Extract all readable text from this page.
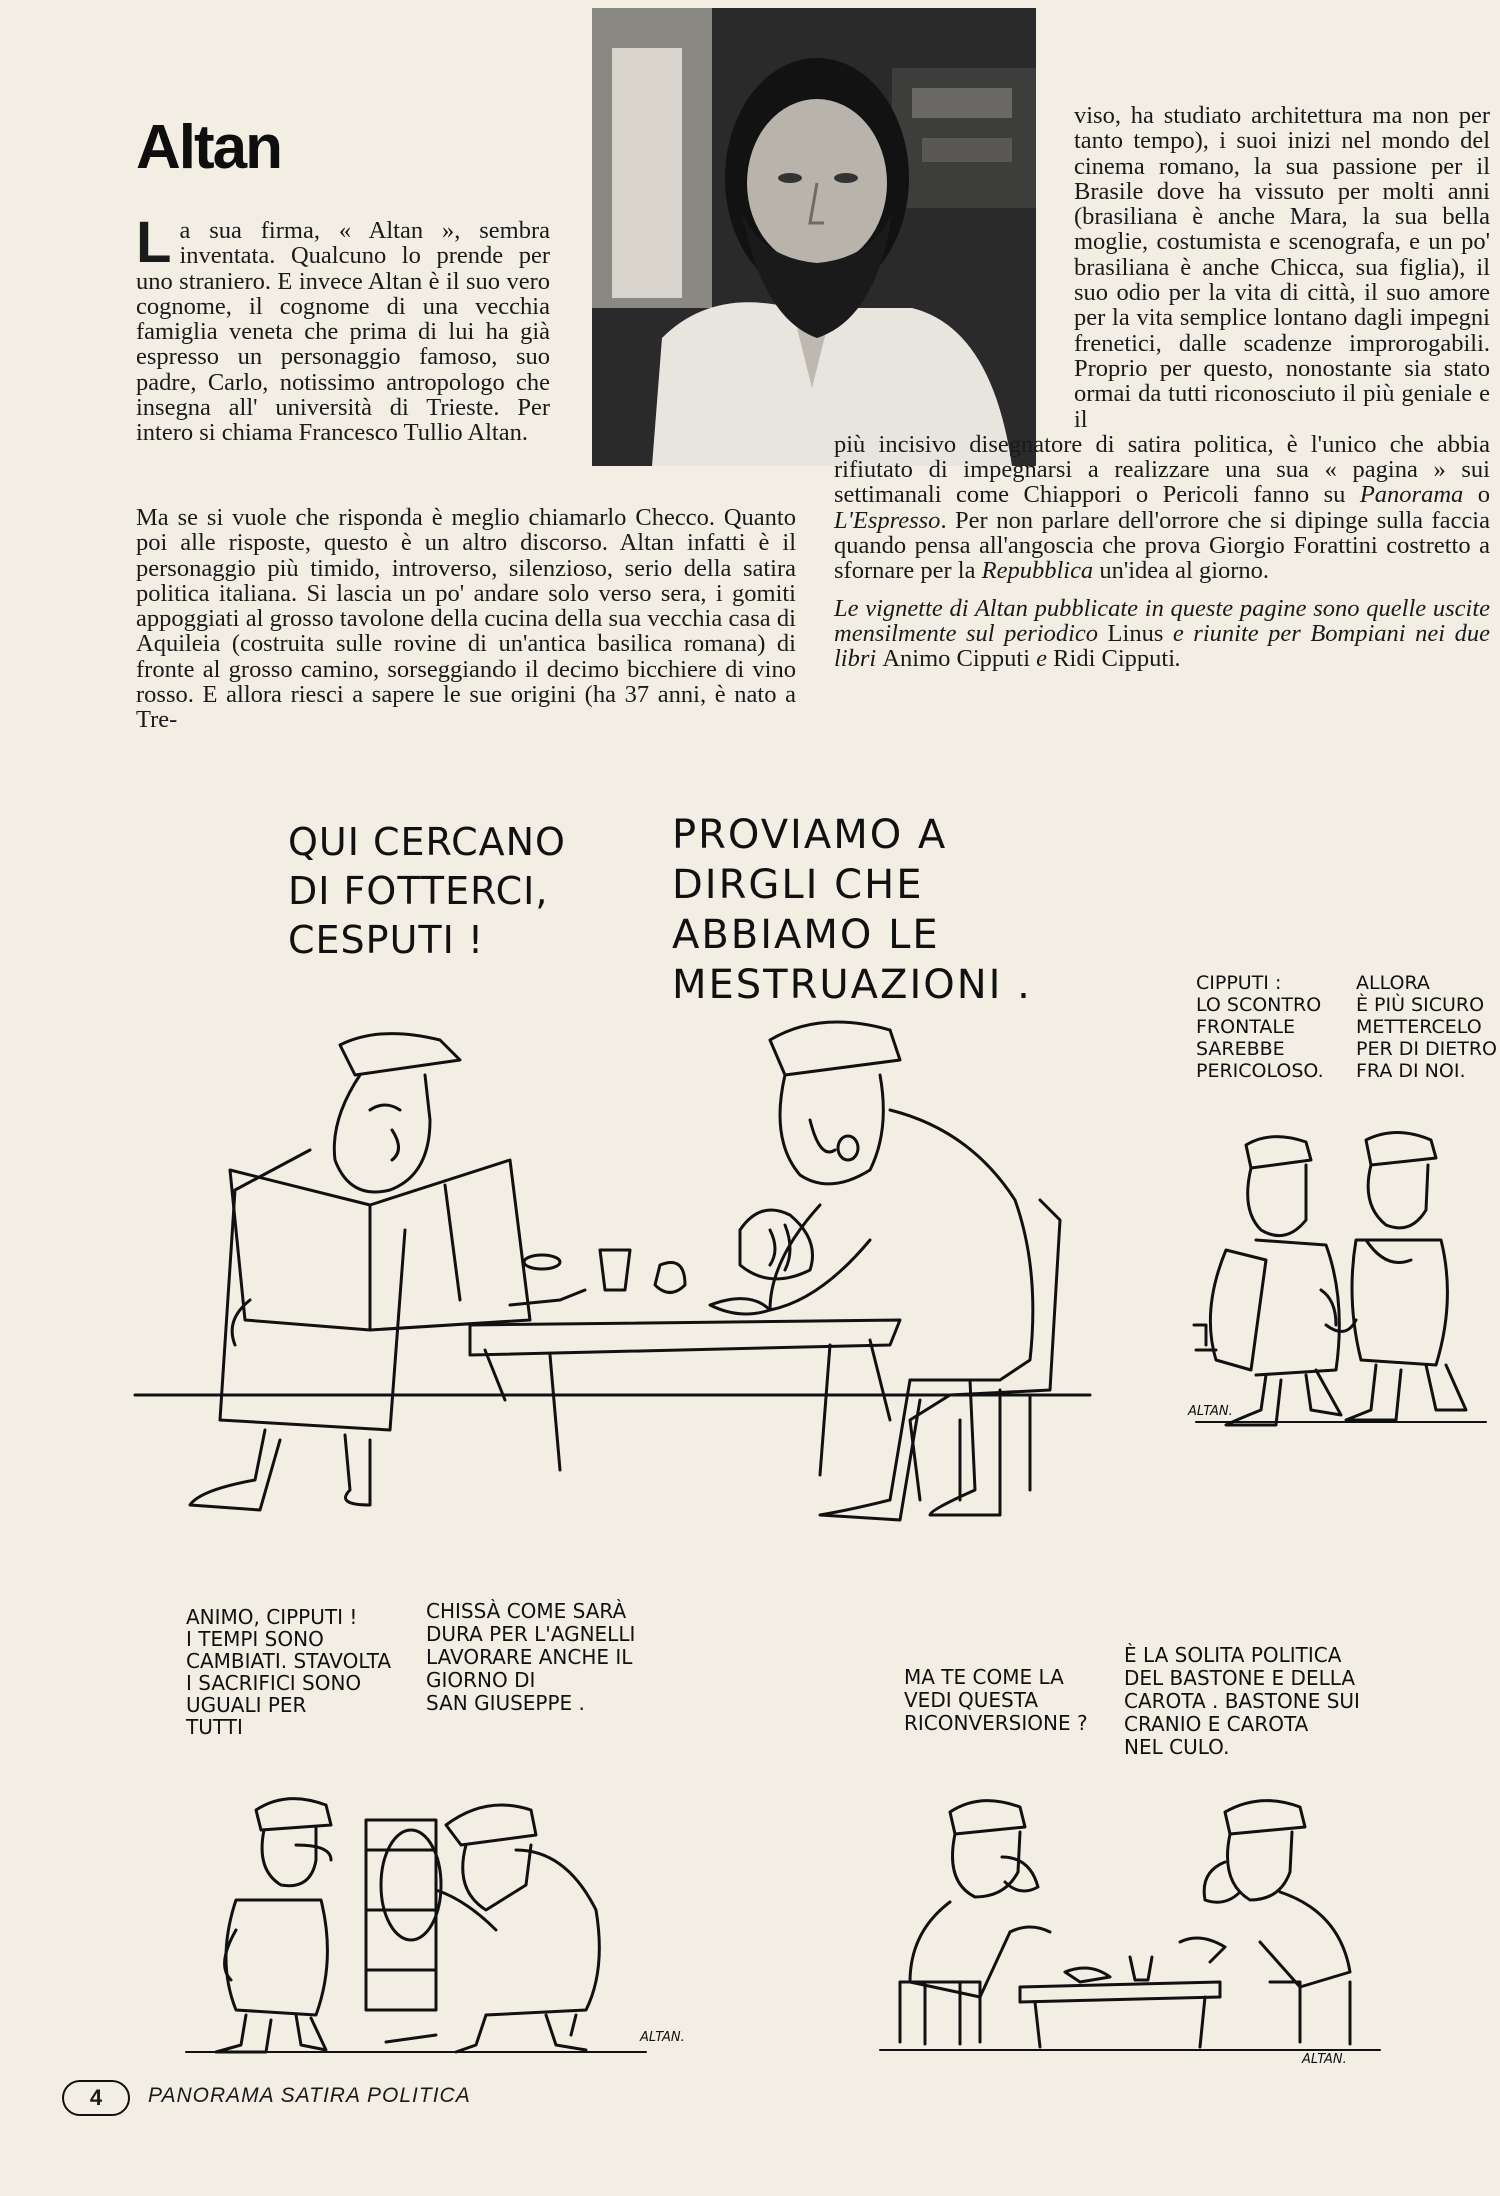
Altan

La sua firma, « Altan », sembra inventata. Qualcuno lo prende per uno straniero. E invece Altan è il suo vero cognome, il cognome di una vecchia famiglia veneta che prima di lui ha già espresso un personaggio famoso, suo padre, Carlo, notissimo antropologo che insegna all' università di Trieste. Per intero si chiama Francesco Tullio Altan.

Ma se si vuole che risponda è meglio chiamarlo Checco. Quanto poi alle risposte, questo è un altro discorso. Altan infatti è il personaggio più timido, introverso, silenzioso, serio della satira politica italiana. Si lascia un po' andare solo verso sera, i gomiti appoggiati al grosso tavolone della cucina della sua vecchia casa di Aquileia (costruita sulle rovine di un'antica basilica romana) di fronte al grosso camino, sorseggiando il decimo bicchiere di vino rosso. E allora riesci a sapere le sue origini (ha 37 anni, è nato a Tre-

viso, ha studiato architettura ma non per tanto tempo), i suoi inizi nel mondo del cinema romano, la sua passione per il Brasile dove ha vissuto per molti anni (brasiliana è anche Mara, la sua bella moglie, costumista e scenografa, e un po' brasiliana è anche Chicca, sua figlia), il suo odio per la vita di città, il suo amore per la vita semplice lontano dagli impegni frenetici, dalle scadenze improrogabili. Proprio per questo, nonostante sia stato ormai da tutti riconosciuto il più geniale e il

più incisivo disegnatore di satira politica, è l'unico che abbia rifiutato di impegnarsi a realizzare una sua « pagina » sui settimanali come Chiappori o Pericoli fanno su Panorama o L'Espresso. Per non parlare dell'orrore che si dipinge sulla faccia quando pensa all'angoscia che prova Giorgio Forattini costretto a sfornare per la Repubblica un'idea al giorno.

Le vignette di Altan pubblicate in queste pagine sono quelle uscite mensilmente sul periodico Linus e riunite per Bompiani nei due libri Animo Cipputi e Ridi Cipputi.

QUI CERCANO
DI FOTTERCI,
CESPUTI !
PROVIAMO A
DIRGLI CHE
ABBIAMO LE
MESTRUAZIONI .	CIPPUTI :
LO SCONTRO
FRONTALE
SAREBBE
PERICOLOSO.
ALLORA
È PIÙ SICURO
METTERCELO
PER DI DIETRO
FRA DI NOI.
ANIMO, CIPPUTI !
I TEMPI SONO
CAMBIATI. STAVOLTA
I SACRIFICI SONO
UGUALI PER
TUTTI
CHISSÀ COME SARÀ
DURA PER L'AGNELLI
LAVORARE ANCHE IL
GIORNO DI
SAN GIUSEPPE .
MA TE COME LA
VEDI QUESTA
RICONVERSIONE ?
È LA SOLITA POLITICA
DEL BASTONE E DELLA
CAROTA . BASTONE SUI
CRANIO E CAROTA
NEL CULO.
ALTAN.
ALTAN.
ALTAN.
4	PANORAMA SATIRA POLITICA
